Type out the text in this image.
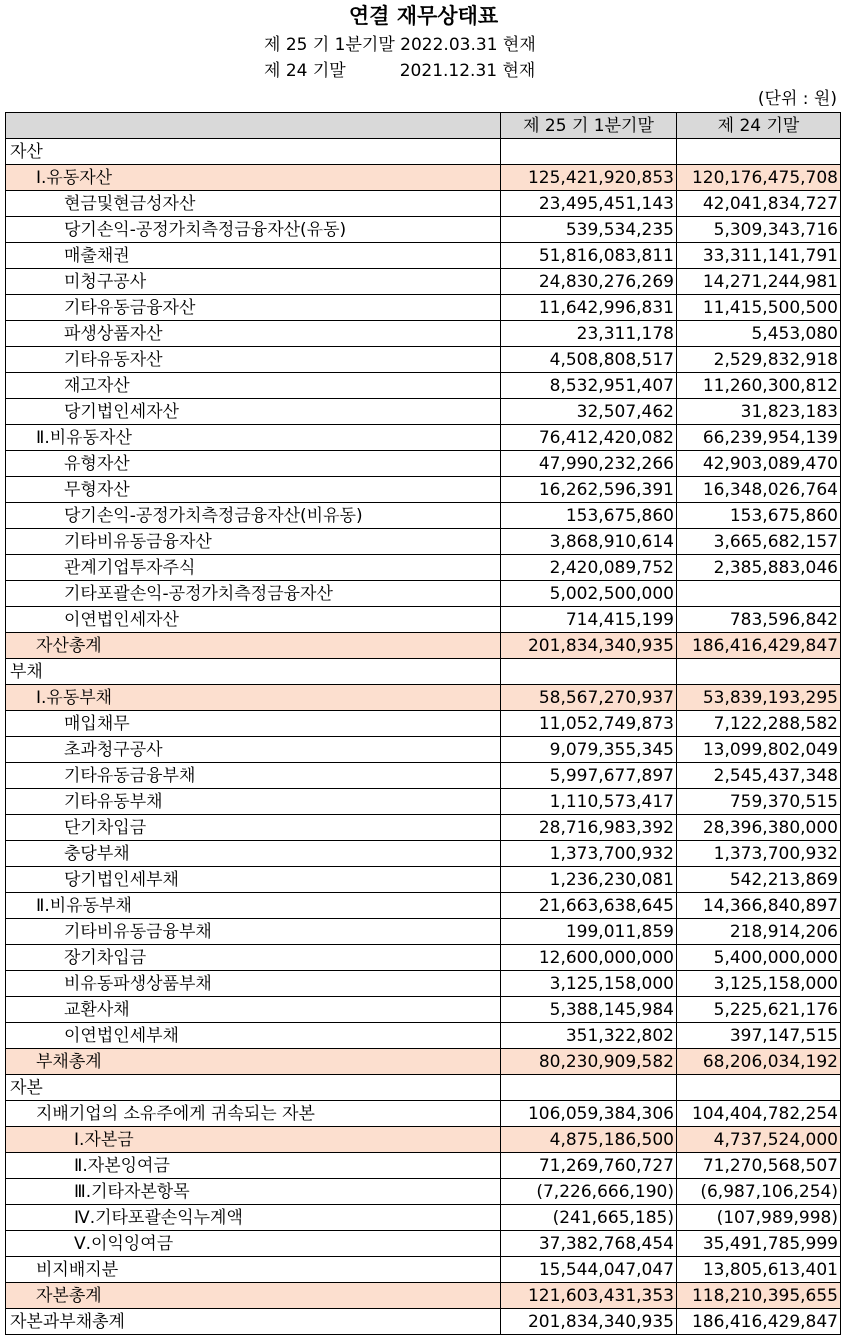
연결 재무상태표
제 25 기 1분기말 2022.03.31 현재
제 24 기말          2021.12.31 현재
(단위 : 원)
	제 25 기 1분기말	제 24 기말
자산		
Ⅰ.유동자산	125,421,920,853	120,176,475,708
현금및현금성자산	23,495,451,143	42,041,834,727
당기손익-공정가치측정금융자산(유동)	539,534,235	5,309,343,716
매출채권	51,816,083,811	33,311,141,791
미청구공사	24,830,276,269	14,271,244,981
기타유동금융자산	11,642,996,831	11,415,500,500
파생상품자산	23,311,178	5,453,080
기타유동자산	4,508,808,517	2,529,832,918
재고자산	8,532,951,407	11,260,300,812
당기법인세자산	32,507,462	31,823,183
Ⅱ.비유동자산	76,412,420,082	66,239,954,139
유형자산	47,990,232,266	42,903,089,470
무형자산	16,262,596,391	16,348,026,764
당기손익-공정가치측정금융자산(비유동)	153,675,860	153,675,860
기타비유동금융자산	3,868,910,614	3,665,682,157
관계기업투자주식	2,420,089,752	2,385,883,046
기타포괄손익-공정가치측정금융자산	5,002,500,000	
이연법인세자산	714,415,199	783,596,842
자산총계	201,834,340,935	186,416,429,847
부채		
Ⅰ.유동부채	58,567,270,937	53,839,193,295
매입채무	11,052,749,873	7,122,288,582
초과청구공사	9,079,355,345	13,099,802,049
기타유동금융부채	5,997,677,897	2,545,437,348
기타유동부채	1,110,573,417	759,370,515
단기차입금	28,716,983,392	28,396,380,000
충당부채	1,373,700,932	1,373,700,932
당기법인세부채	1,236,230,081	542,213,869
Ⅱ.비유동부채	21,663,638,645	14,366,840,897
기타비유동금융부채	199,011,859	218,914,206
장기차입금	12,600,000,000	5,400,000,000
비유동파생상품부채	3,125,158,000	3,125,158,000
교환사채	5,388,145,984	5,225,621,176
이연법인세부채	351,322,802	397,147,515
부채총계	80,230,909,582	68,206,034,192
자본		
지배기업의 소유주에게 귀속되는 자본	106,059,384,306	104,404,782,254
Ⅰ.자본금	4,875,186,500	4,737,524,000
Ⅱ.자본잉여금	71,269,760,727	71,270,568,507
Ⅲ.기타자본항목	(7,226,666,190)	(6,987,106,254)
Ⅳ.기타포괄손익누계액	(241,665,185)	(107,989,998)
Ⅴ.이익잉여금	37,382,768,454	35,491,785,999
비지배지분	15,544,047,047	13,805,613,401
자본총계	121,603,431,353	118,210,395,655
자본과부채총계	201,834,340,935	186,416,429,847
